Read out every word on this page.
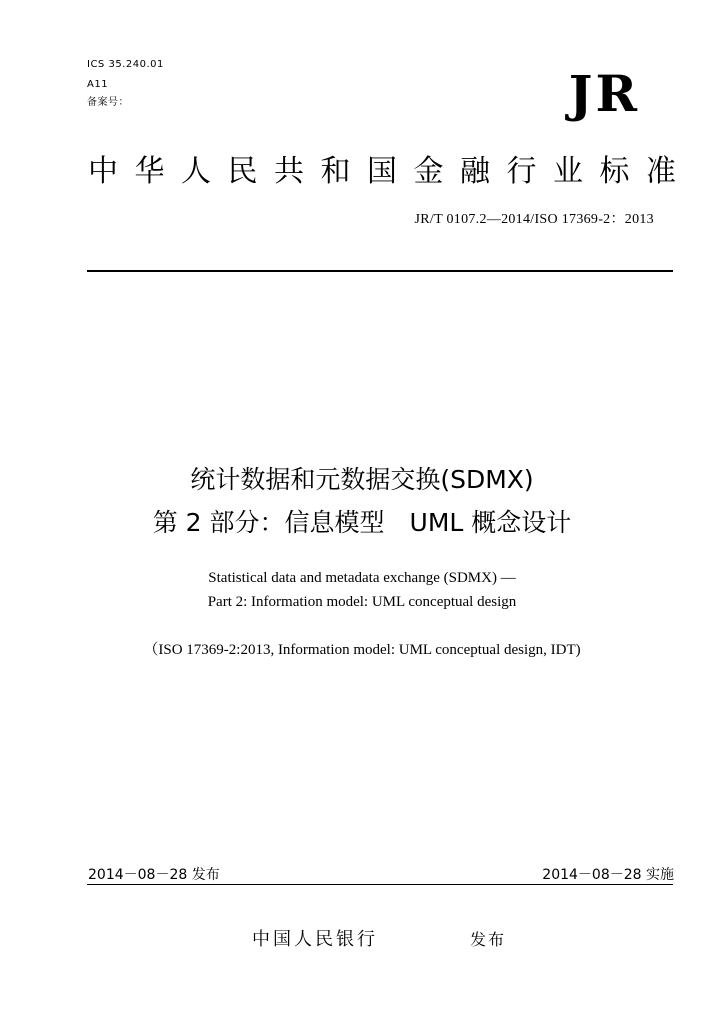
ICS 35.240.01
A11
备案号：	JR
中 华 人 民 共 和 国 金 融 行 业 标 准
JR/T 0107.2—2014/ISO 17369-2：2013
统计数据和元数据交换(SDMX)
第 2 部分：信息模型　UML 概念设计
Statistical data and metadata exchange (SDMX) —
Part 2: Information model: UML conceptual design
（ISO 17369-2:2013, Information model: UML conceptual design, IDT)
2014－08－28 发布	2014－08－28 实施
中国人民银行	发布
